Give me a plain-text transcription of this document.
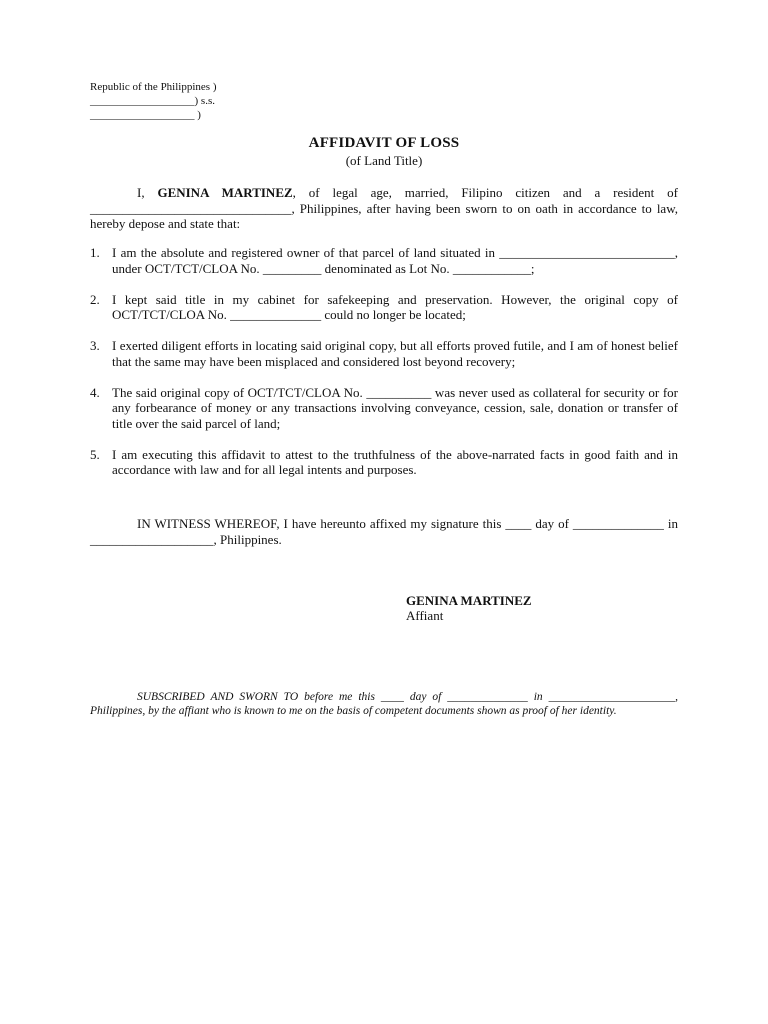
Republic of the Philippines )
___________________) s.s.
___________________ )
AFFIDAVIT OF LOSS
(of Land Title)

I, GENINA MARTINEZ, of legal age, married, Filipino citizen and a resident of _______________________________, Philippines, after having been sworn to on oath in accordance to law, hereby depose and state that:

1. I am the absolute and registered owner of that parcel of land situated in ___________________________, under OCT/TCT/CLOA No. _________ denominated as Lot No. ____________;
2. I kept said title in my cabinet for safekeeping and preservation. However, the original copy of OCT/TCT/CLOA No. ______________ could no longer be located;
3. I exerted diligent efforts in locating said original copy, but all efforts proved futile, and I am of honest belief that the same may have been misplaced and considered lost beyond recovery;
4. The said original copy of OCT/TCT/CLOA No. __________ was never used as collateral for security or for any forbearance of money or any transactions involving conveyance, cession, sale, donation or transfer of title over the said parcel of land;
5. I am executing this affidavit to attest to the truthfulness of the above-narrated facts in good faith and in accordance with law and for all legal intents and purposes.

IN WITNESS WHEREOF, I have hereunto affixed my signature this ____ day of ______________ in ___________________, Philippines.

GENINA MARTINEZ
Affiant

SUBSCRIBED AND SWORN TO before me this ____ day of ______________ in ______________________, Philippines, by the affiant who is known to me on the basis of competent documents shown as proof of her identity.
